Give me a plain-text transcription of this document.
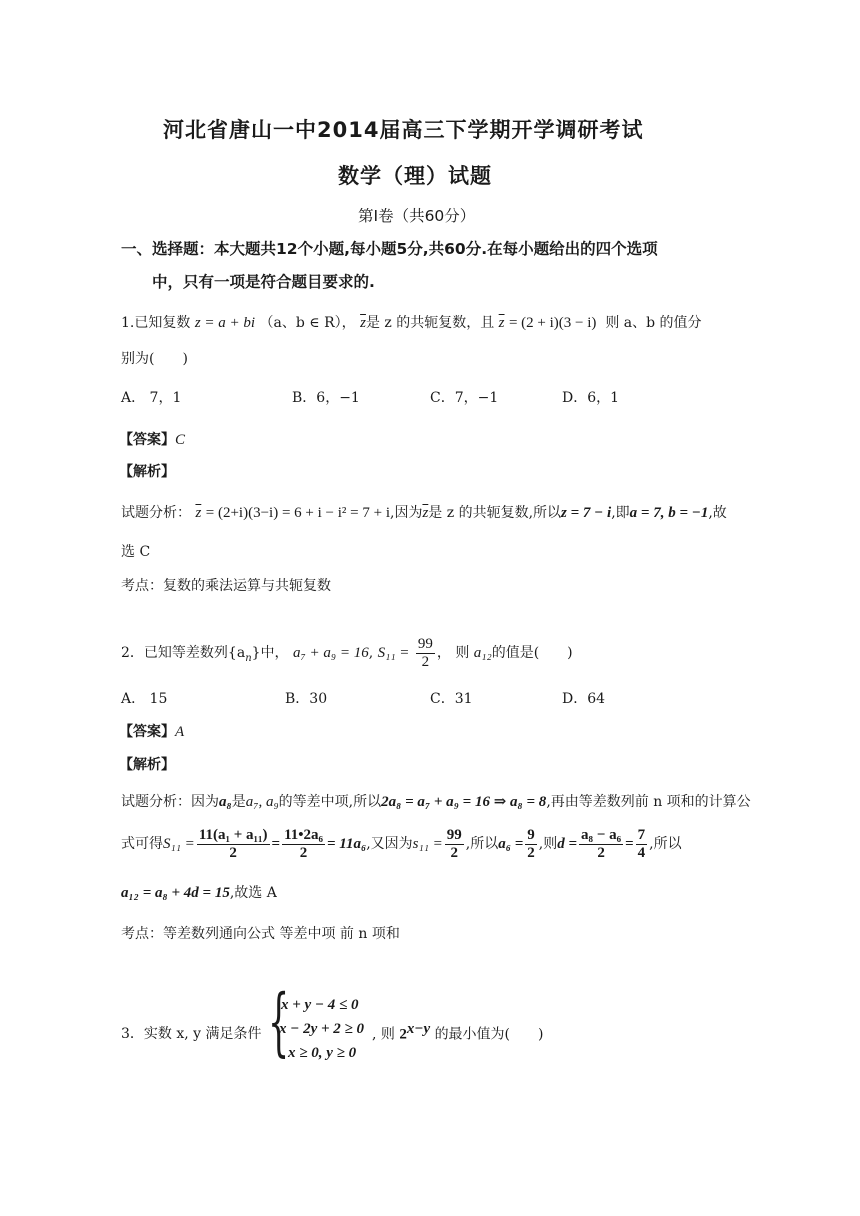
河北省唐山一中2014届高三下学期开学调研考试
数学（理）试题
第Ⅰ卷（共60分）
一、选择题：本大题共12个小题,每小题5分,共60分.在每小题给出的四个选项
中，只有一项是符合题目要求的.
1.已知复数 z = a + bi （a、b ∈ R）， $\overline{z}$是 z 的共轭复数，且 $\overline{z} = (2 + i)(3 - i)$ 则 a、b 的值分
别为(　　)
A． 7，1	B．6，−1	C．7，−1	D．6，1
【答案】C
【解析】
试题分析： $\overline{z} = (2+i)(3-i) = 6 + i - i^2 = 7 + i$,因为$\overline{z}$是 z 的共轭复数,所以z = 7 − i,即a = 7, b = −1,故
选 C
考点：复数的乘法运算与共轭复数
2．已知等差数列$\{a_n\}$中， a₇ + a₉ = 16, $S_{11} = \frac{99}{2}$ ， 则 a₁₂的值是(　　)
A． 15	B．30	C．31	D．64
【答案】A
【解析】
试题分析：因为a₈是a₇, a₉的等差中项,所以2a₈ = a₇ + a₉ = 16 ⇒ a₈ = 8,再由等差数列前 n 项和的计算公
式可得$S_{11} = \frac{\text{11(a₁ + a₁₁)}}{2} = \frac{\text{11•2a₆}}{2} = 11a_6$,又因为$s_{11} = \frac{99}{2}$ ,所以$a_6 = \frac{9}{2}$ ,则$d = \frac{\text{a₈ − a₆}}{2} = \frac{7}{4}$ ,所以
a₁₂ = a₈ + 4d = 15,故选 A
考点：等差数列通向公式 等差中项 前 n 项和
3．实数 x, y 满足条件 {
x + y − 4 ≤ 0
x − 2y + 2 ≥ 0
x ≥ 0, y ≥ 0
, 则 $2^{x-y}$ 的最小值为(　　)
